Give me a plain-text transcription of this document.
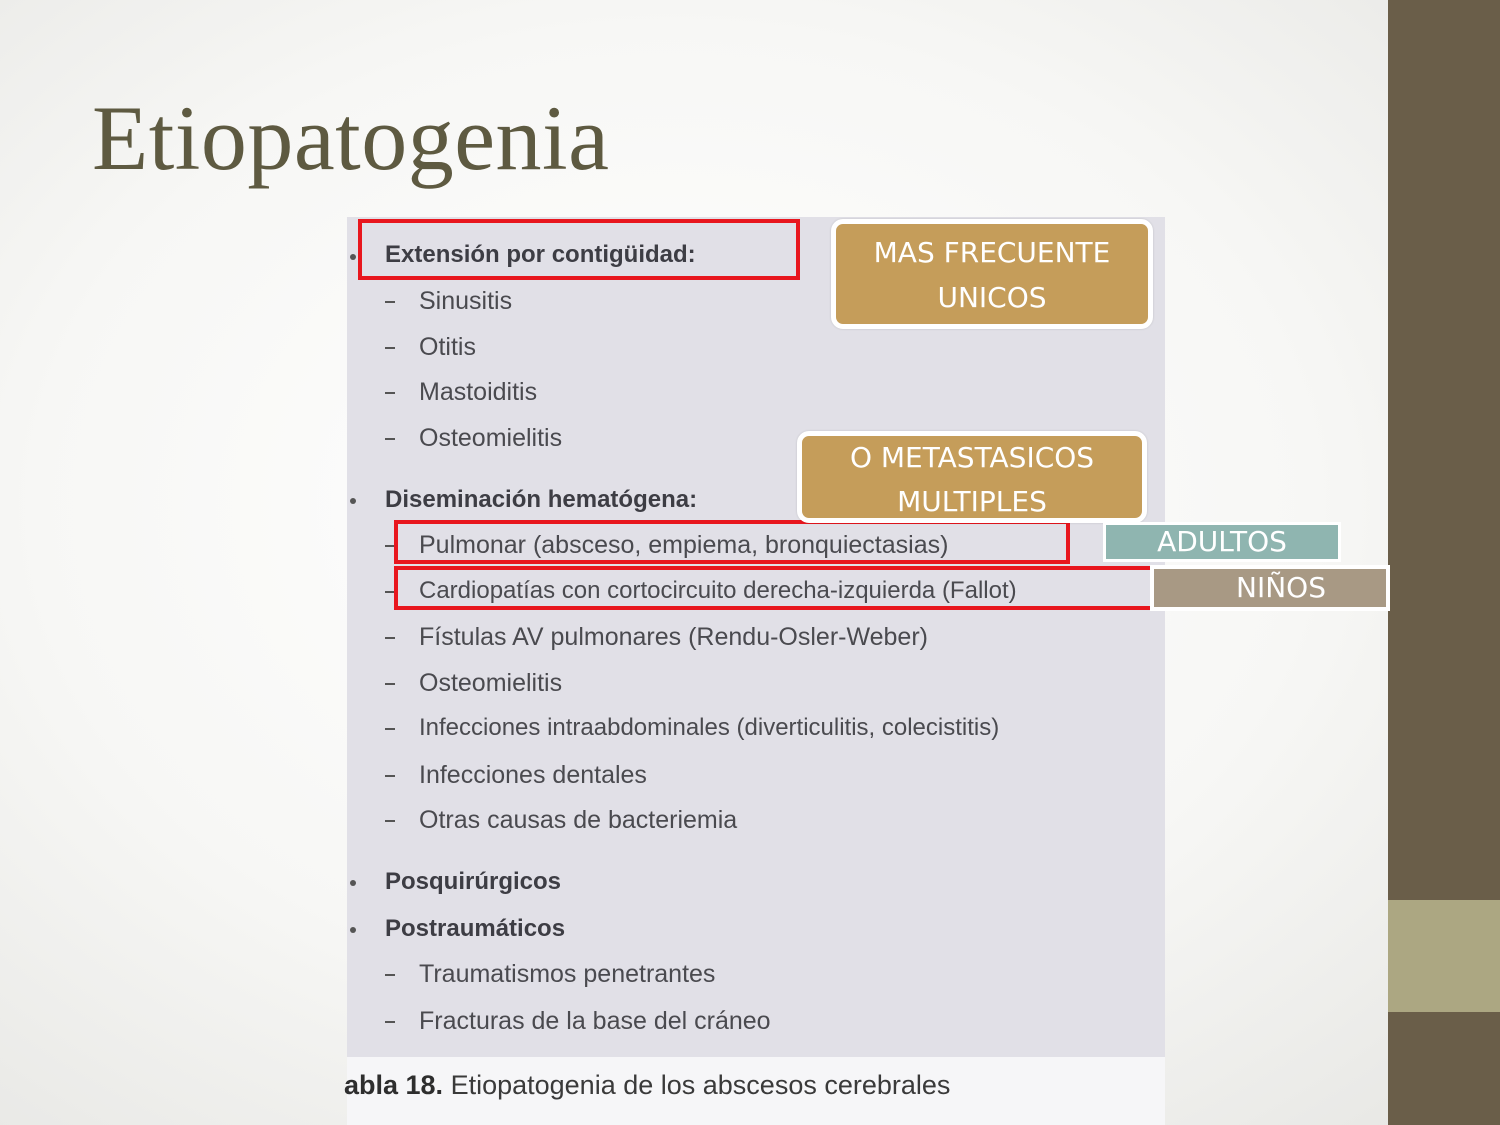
Etiopatogenia
Extensión por contigüidad:
Sinusitis
Otitis
Mastoiditis
Osteomielitis
Diseminación hematógena:
Pulmonar (absceso, empiema, bronquiectasias)
Cardiopatías con cortocircuito derecha-izquierda (Fallot)
Fístulas AV pulmonares (Rendu-Osler-Weber)
Osteomielitis
Infecciones intraabdominales (diverticulitis, colecistitis)
Infecciones dentales
Otras causas de bacteriemia
Posquirúrgicos
Postraumáticos
Traumatismos penetrantes
Fracturas de la base del cráneo
abla 18. Etiopatogenia de los abscesos cerebrales
MAS FRECUENTE
UNICOS
O METASTASICOS
MULTIPLES
ADULTOS
NIÑOS
